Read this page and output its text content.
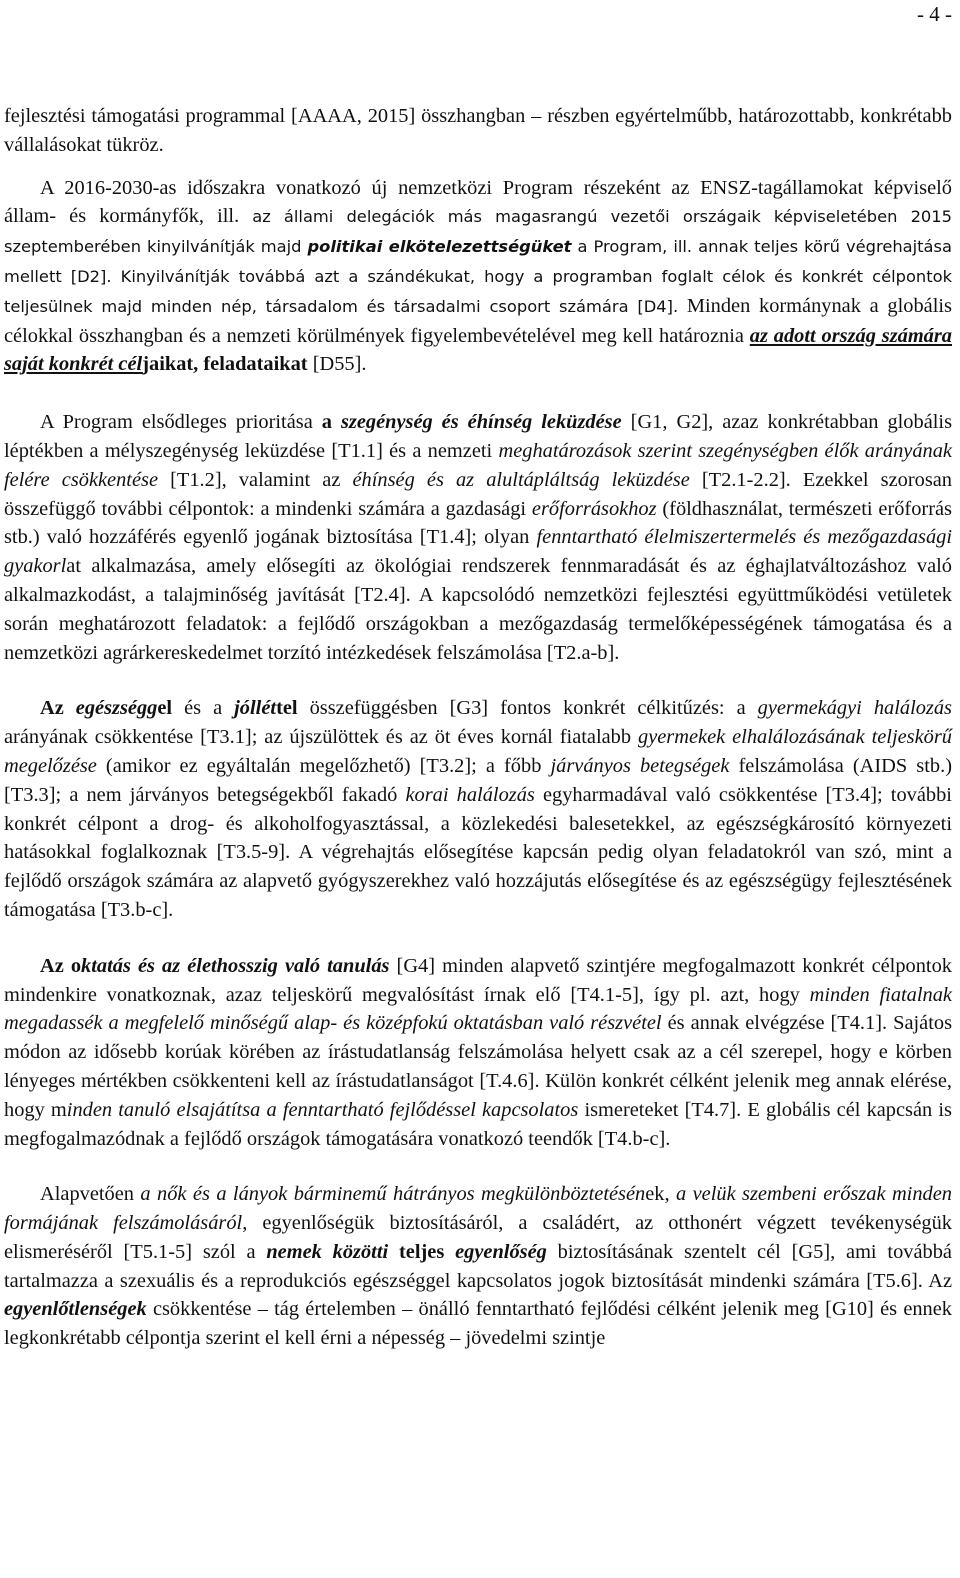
- 4 -

fejlesztési támogatási programmal [AAAA, 2015] összhangban – részben egyértelműbb, határozottabb, konkrétabb vállalásokat tükröz.

A 2016-2030-as időszakra vonatkozó új nemzetközi Program részeként az ENSZ-tagállamokat képviselő állam- és kormányfők, ill. az állami delegációk más magasrangú vezetői országaik képviseletében 2015 szeptemberében kinyilvánítják majd politikai elkötelezettségüket a Program, ill. annak teljes körű végrehajtása mellett [D2]. Kinyilvánítják továbbá azt a szándékukat, hogy a programban foglalt célok és konkrét célpontok teljesülnek majd minden nép, társadalom és társadalmi csoport számára [D4]. Minden kormánynak a globális célokkal összhangban és a nemzeti körülmények figyelembevételével meg kell határoznia az adott ország számára saját konkrét céljaikat, feladataikat [D55].

A Program elsődleges prioritása a szegénység és éhínség leküzdése [G1, G2], azaz konkrétabban globális léptékben a mélyszegénység leküzdése [T1.1] és a nemzeti meghatározások szerint szegénységben élők arányának felére csökkentése [T1.2], valamint az éhínség és az alultápláltság leküzdése [T2.1-2.2]. Ezekkel szorosan összefüggő további célpontok: a mindenki számára a gazdasági erőforrásokhoz (földhasználat, természeti erőforrás stb.) való hozzáférés egyenlő jogának biztosítása [T1.4]; olyan fenntartható élelmiszertermelés és mezőgazdasági gyakorlat alkalmazása, amely elősegíti az ökológiai rendszerek fennmaradását és az éghajlatváltozáshoz való alkalmazkodást, a talajminőség javítását [T2.4]. A kapcsolódó nemzetközi fejlesztési együttműködési vetületek során meghatározott feladatok: a fejlődő országokban a mezőgazdaság termelőképességének támogatása és a nemzetközi agrárkereskedelmet torzító intézkedések felszámolása [T2.a-b].

Az egészséggel és a jólléttel összefüggésben [G3] fontos konkrét célkitűzés: a gyermekágyi halálozás arányának csökkentése [T3.1]; az újszülöttek és az öt éves kornál fiatalabb gyermekek elhalálozásának teljeskörű megelőzése (amikor ez egyáltalán megelőzhető) [T3.2]; a főbb járványos betegségek felszámolása (AIDS stb.) [T3.3]; a nem járványos betegségekből fakadó korai halálozás egyharmadával való csökkentése [T3.4]; további konkrét célpont a drog- és alkoholfogyasztással, a közlekedési balesetekkel, az egészségkárosító környezeti hatásokkal foglalkoznak [T3.5-9]. A végrehajtás elősegítése kapcsán pedig olyan feladatokról van szó, mint a fejlődő országok számára az alapvető gyógyszerekhez való hozzájutás elősegítése és az egészségügy fejlesztésének támogatása [T3.b-c].

Az oktatás és az élethosszig való tanulás [G4] minden alapvető szintjére megfogalmazott konkrét célpontok mindenkire vonatkoznak, azaz teljeskörű megvalósítást írnak elő [T4.1-5], így pl. azt, hogy minden fiatalnak megadassék a megfelelő minőségű alap- és középfokú oktatásban való részvétel és annak elvégzése [T4.1]. Sajátos módon az idősebb korúak körében az írástudatlanság felszámolása helyett csak az a cél szerepel, hogy e körben lényeges mértékben csökkenteni kell az írástudatlanságot [T.4.6]. Külön konkrét célként jelenik meg annak elérése, hogy minden tanuló elsajátítsa a fenntartható fejlődéssel kapcsolatos ismereteket [T4.7]. E globális cél kapcsán is megfogalmazódnak a fejlődő országok támogatására vonatkozó teendők [T4.b-c].

Alapvetően a nők és a lányok bárminemű hátrányos megkülönböztetésének, a velük szembeni erőszak minden formájának felszámolásáról, egyenlőségük biztosításáról, a családért, az otthonért végzett tevékenységük elismeréséről [T5.1-5] szól a nemek közötti teljes egyenlőség biztosításának szentelt cél [G5], ami továbbá tartalmazza a szexuális és a reprodukciós egészséggel kapcsolatos jogok biztosítását mindenki számára [T5.6]. Az egyenlőtlenségek csökkentése – tág értelemben – önálló fenntartható fejlődési célként jelenik meg [G10] és ennek legkonkrétabb célpontja szerint el kell érni a népesség – jövedelmi szintje
